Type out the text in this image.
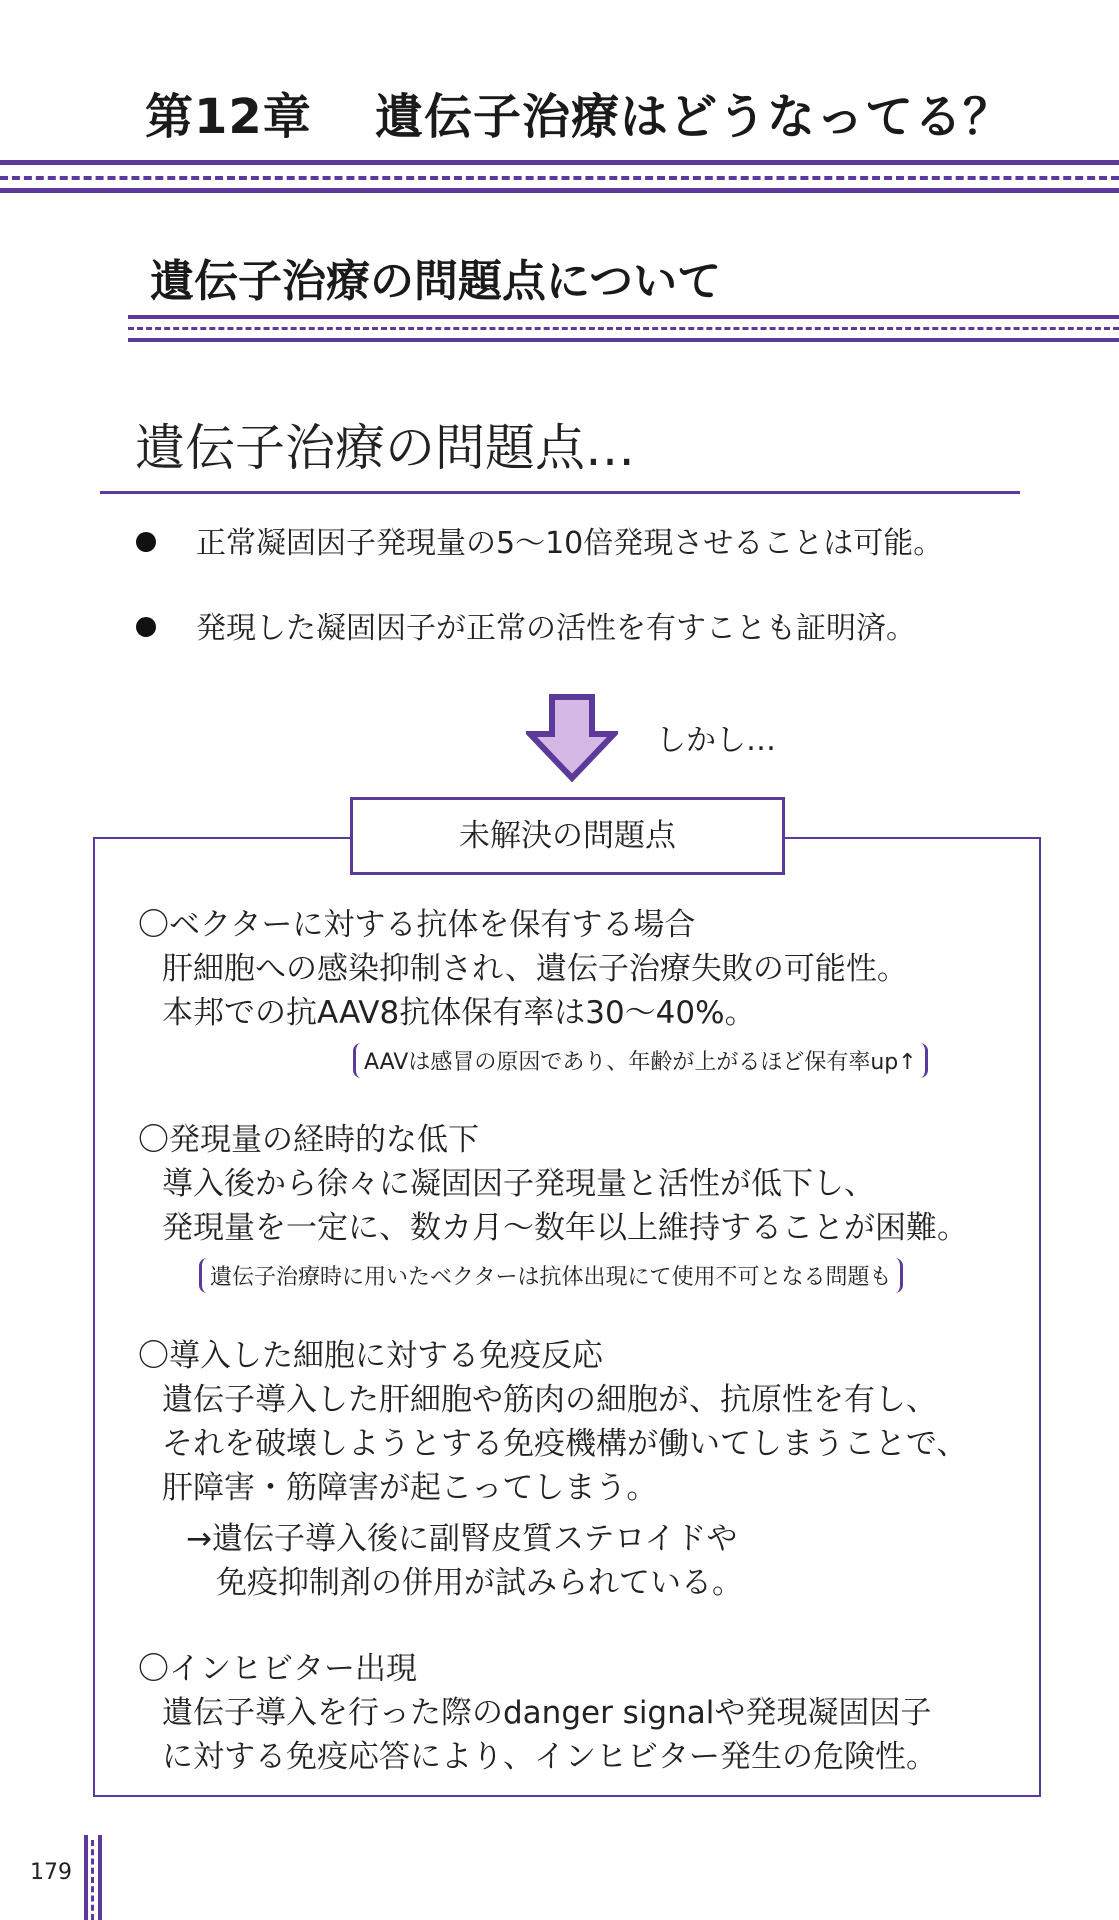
第12章 遺伝子治療はどうなってる？
遺伝子治療の問題点について
遺伝子治療の問題点…
正常凝固因子発現量の5〜10倍発現させることは可能。
発現した凝固因子が正常の活性を有すことも証明済。
しかし…
未解決の問題点
〇ベクターに対する抗体を保有する場合
肝細胞への感染抑制され、遺伝子治療失敗の可能性。
本邦での抗AAV8抗体保有率は30〜40%。
AAVは感冒の原因であり、年齢が上がるほど保有率up↑
〇発現量の経時的な低下
導入後から徐々に凝固因子発現量と活性が低下し、
発現量を一定に、数カ月〜数年以上維持することが困難。
遺伝子治療時に用いたベクターは抗体出現にて使用不可となる問題も
〇導入した細胞に対する免疫反応
遺伝子導入した肝細胞や筋肉の細胞が、抗原性を有し、
それを破壊しようとする免疫機構が働いてしまうことで、
肝障害・筋障害が起こってしまう。
→遺伝子導入後に副腎皮質ステロイドや
免疫抑制剤の併用が試みられている。
〇インヒビター出現
遺伝子導入を行った際のdanger signalや発現凝固因子
に対する免疫応答により、インヒビター発生の危険性。
179
